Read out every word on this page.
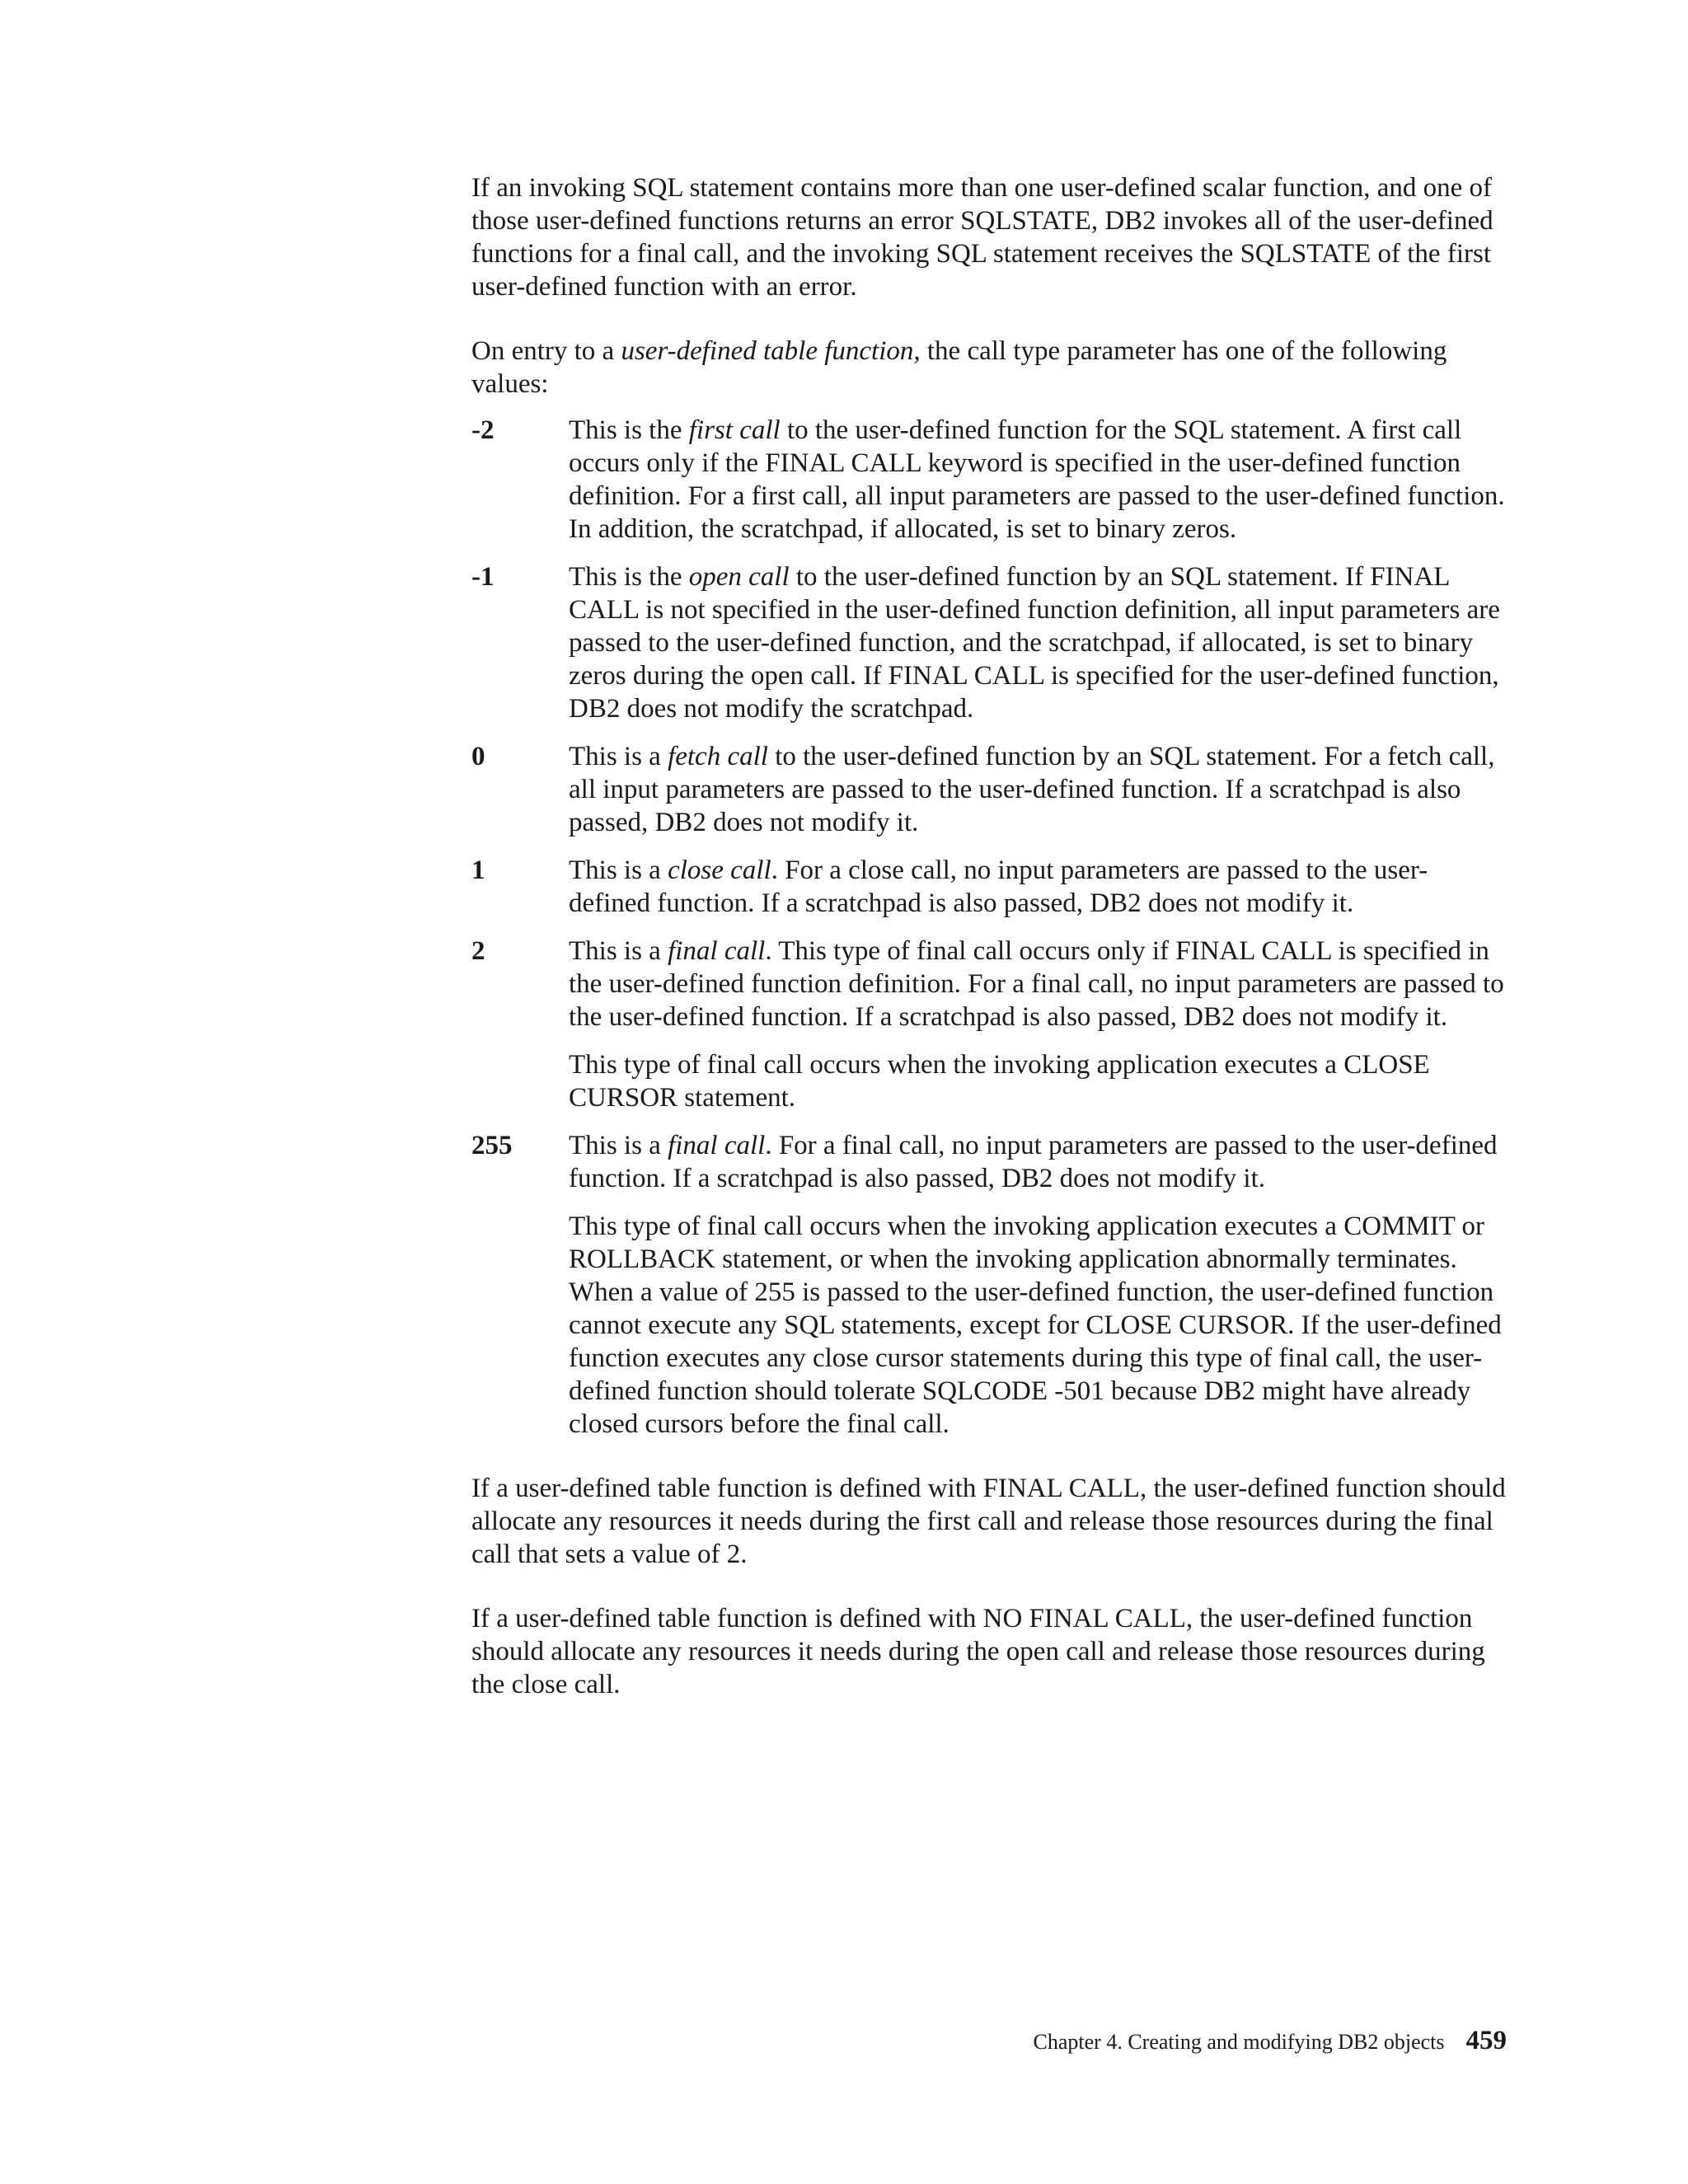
If an invoking SQL statement contains more than one user-defined scalar function, and one of those user-defined functions returns an error SQLSTATE, DB2 invokes all of the user-defined functions for a final call, and the invoking SQL statement receives the SQLSTATE of the first user-defined function with an error.

On entry to a user-defined table function, the call type parameter has one of the following values:

-2	This is the first call to the user-defined function for the SQL statement. A first call occurs only if the FINAL CALL keyword is specified in the user-defined function definition. For a first call, all input parameters are passed to the user-defined function. In addition, the scratchpad, if allocated, is set to binary zeros.

-1	This is the open call to the user-defined function by an SQL statement. If FINAL CALL is not specified in the user-defined function definition, all input parameters are passed to the user-defined function, and the scratchpad, if allocated, is set to binary zeros during the open call. If FINAL CALL is specified for the user-defined function, DB2 does not modify the scratchpad.

0	This is a fetch call to the user-defined function by an SQL statement. For a fetch call, all input parameters are passed to the user-defined function. If a scratchpad is also passed, DB2 does not modify it.

1	This is a close call. For a close call, no input parameters are passed to the user-defined function. If a scratchpad is also passed, DB2 does not modify it.

2	This is a final call. This type of final call occurs only if FINAL CALL is specified in the user-defined function definition. For a final call, no input parameters are passed to the user-defined function. If a scratchpad is also passed, DB2 does not modify it.

This type of final call occurs when the invoking application executes a CLOSE CURSOR statement.

255	This is a final call. For a final call, no input parameters are passed to the user-defined function. If a scratchpad is also passed, DB2 does not modify it.

This type of final call occurs when the invoking application executes a COMMIT or ROLLBACK statement, or when the invoking application abnormally terminates. When a value of 255 is passed to the user-defined function, the user-defined function cannot execute any SQL statements, except for CLOSE CURSOR. If the user-defined function executes any close cursor statements during this type of final call, the user-defined function should tolerate SQLCODE -501 because DB2 might have already closed cursors before the final call.

If a user-defined table function is defined with FINAL CALL, the user-defined function should allocate any resources it needs during the first call and release those resources during the final call that sets a value of 2.

If a user-defined table function is defined with NO FINAL CALL, the user-defined function should allocate any resources it needs during the open call and release those resources during the close call.

Chapter 4. Creating and modifying DB2 objects 459
